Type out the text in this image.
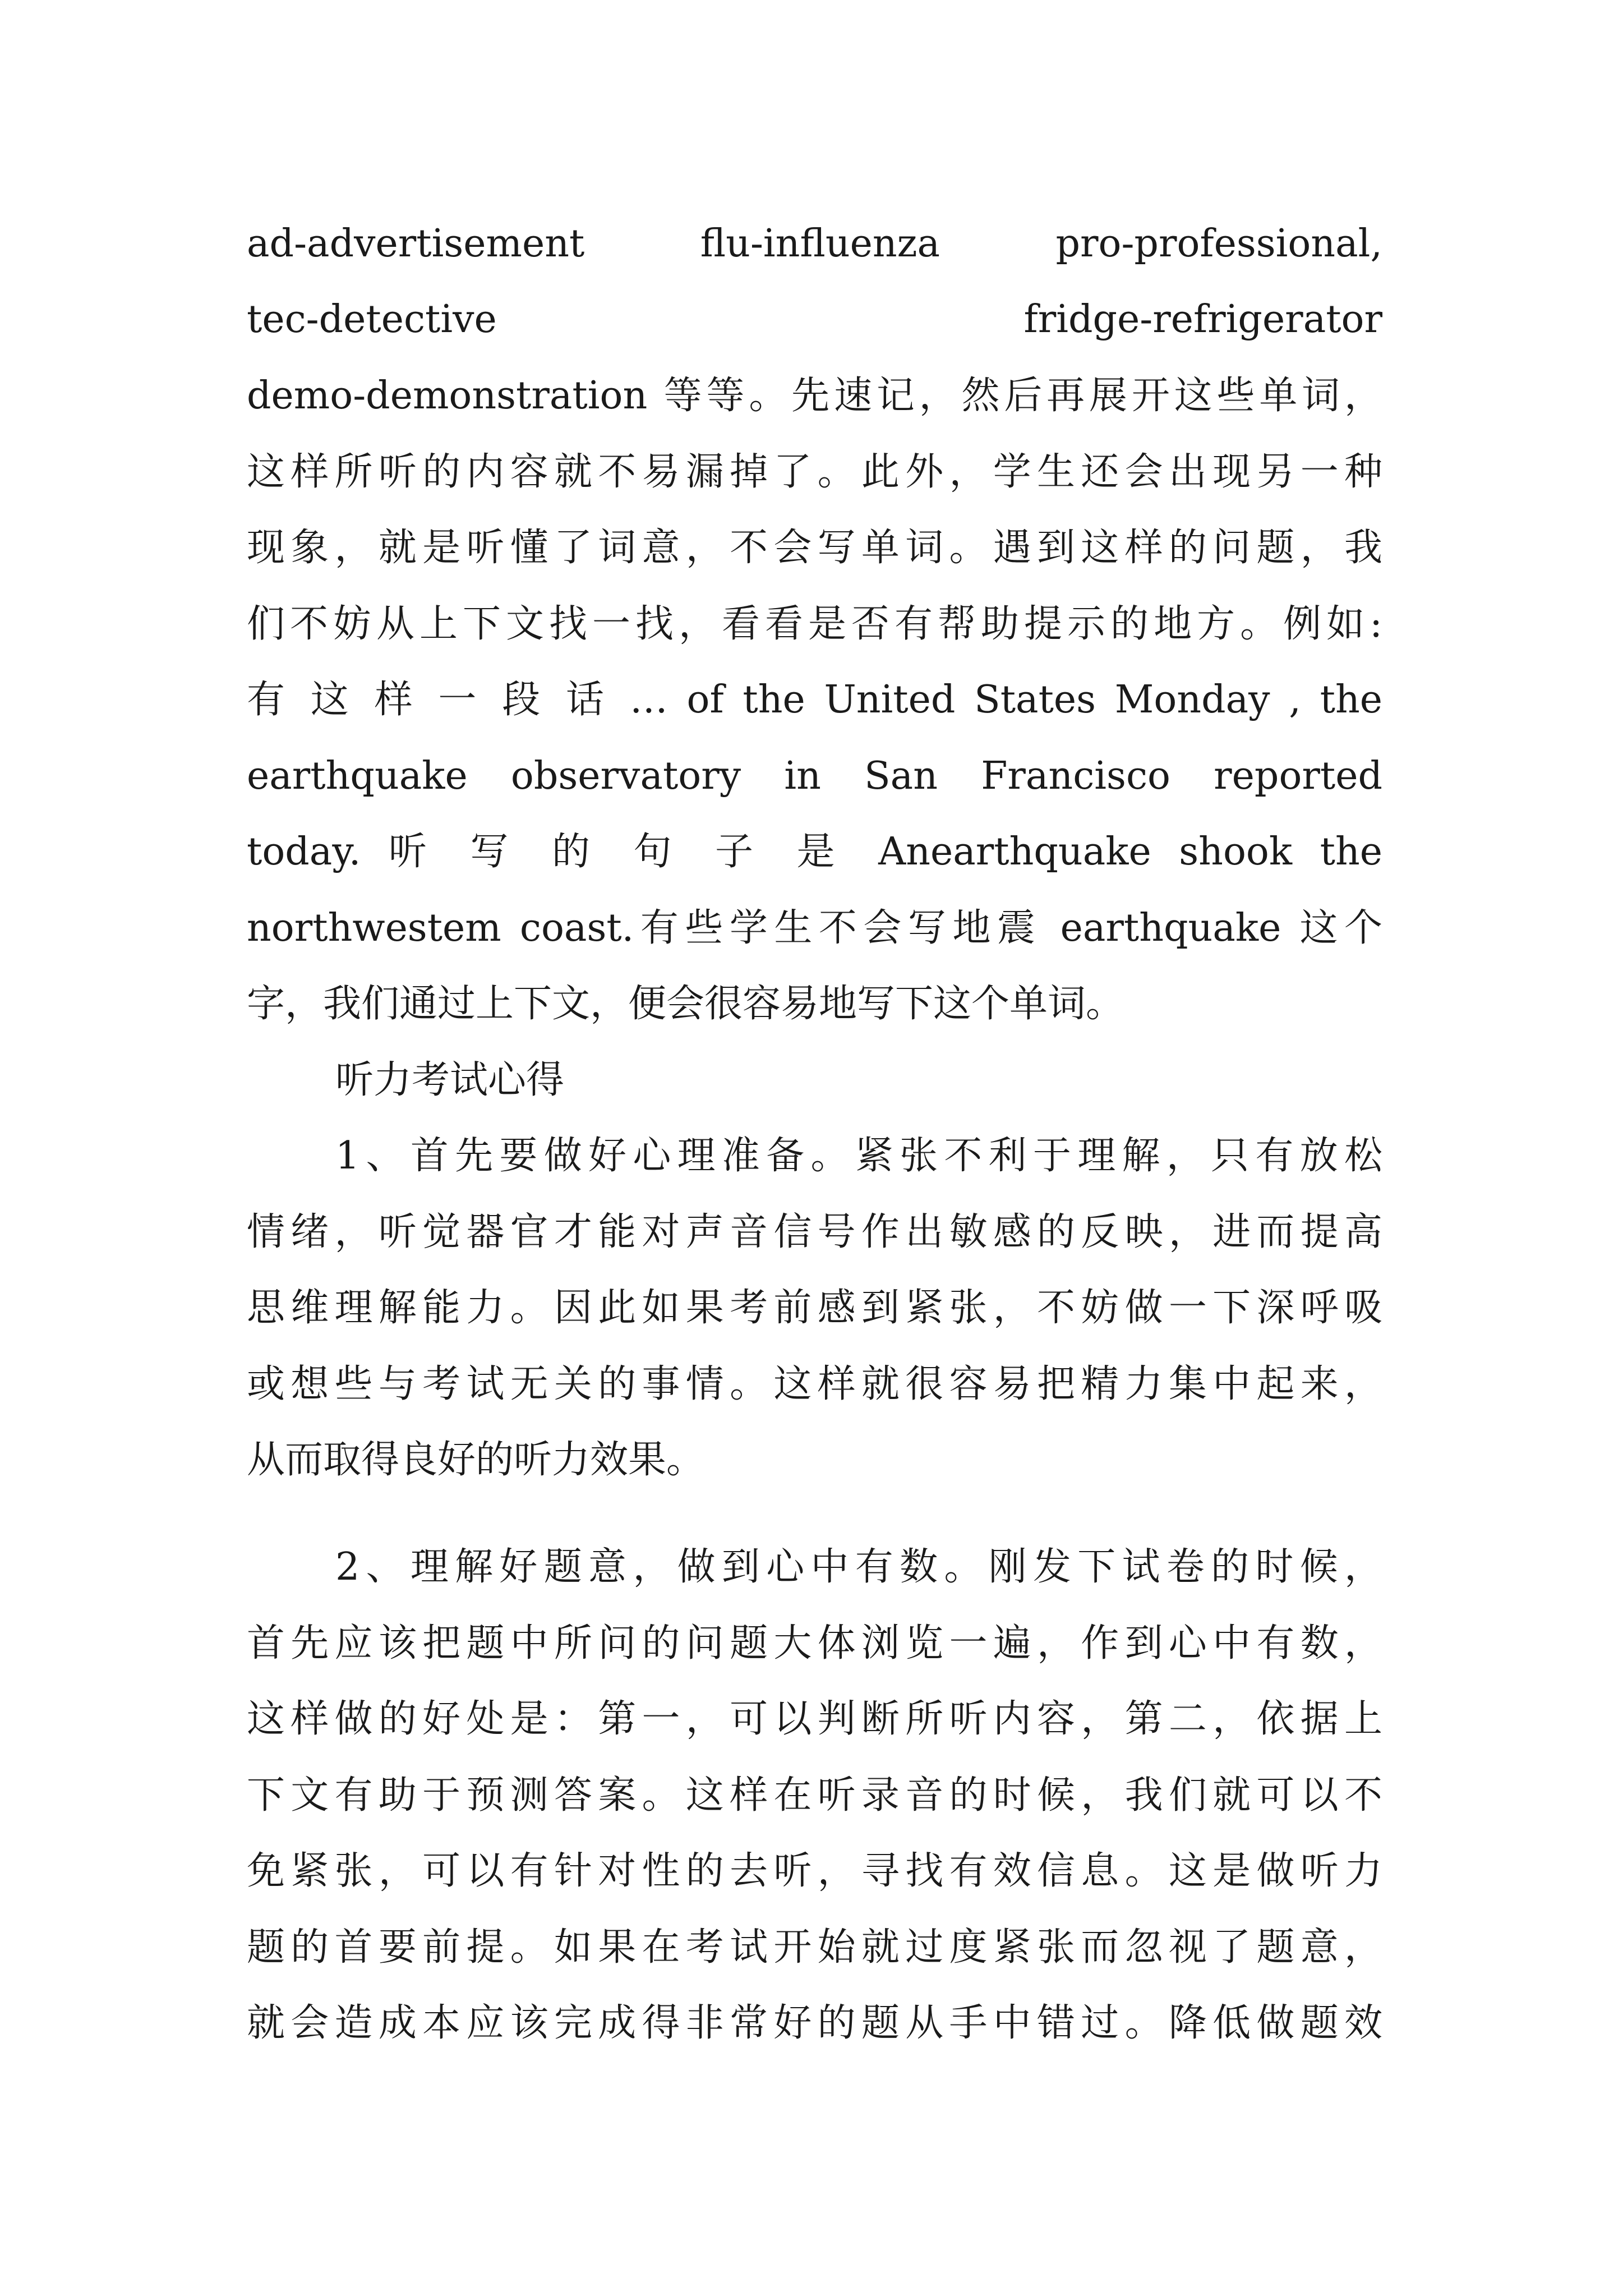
ad-advertisement flu-influenza pro-professional,
tec-detective fridge-refrigerator
demo-demonstration 等等。先速记，然后再展开这些单词，
这样所听的内容就不易漏掉了。此外，学生还会出现另一种
现象，就是听懂了词意，不会写单词。遇到这样的问题，我
们不妨从上下文找一找，看看是否有帮助提示的地方。例如:
有 这 样 一 段 话 … of the United States Monday , the
earthquake observatory in San Francisco reported
today. 听 写 的 句 子 是 Anearthquake shook the
northwestem coast.有些学生不会写地震 earthquake 这个
字，我们通过上下文，便会很容易地写下这个单词。
听力考试心得
1、首先要做好心理准备。紧张不利于理解，只有放松
情绪，听觉器官才能对声音信号作出敏感的反映，进而提高
思维理解能力。因此如果考前感到紧张，不妨做一下深呼吸
或想些与考试无关的事情。这样就很容易把精力集中起来，
从而取得良好的听力效果。
2、理解好题意，做到心中有数。刚发下试卷的时候，
首先应该把题中所问的问题大体浏览一遍，作到心中有数，
这样做的好处是：第一，可以判断所听内容，第二，依据上
下文有助于预测答案。这样在听录音的时候，我们就可以不
免紧张，可以有针对性的去听，寻找有效信息。这是做听力
题的首要前提。如果在考试开始就过度紧张而忽视了题意，
就会造成本应该完成得非常好的题从手中错过。降低做题效
